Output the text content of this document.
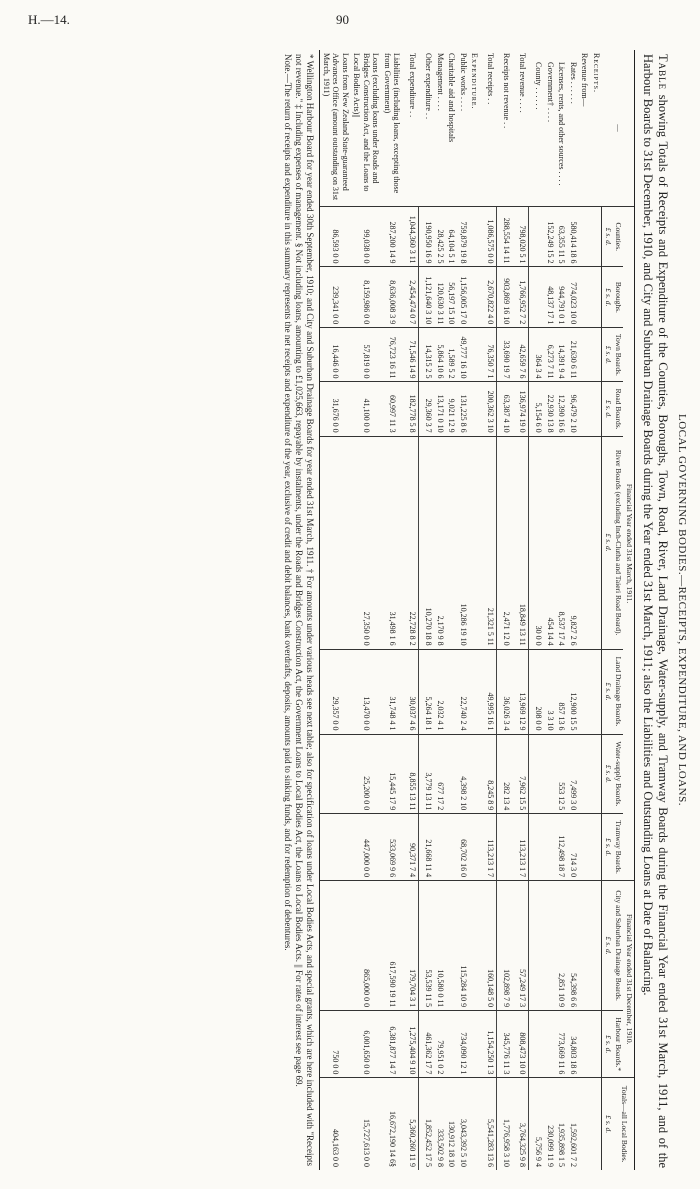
H.—14.	90
LOCAL GOVERNING BODIES.—RECEIPTS, EXPENDITURE, AND LOANS.
Table showing Totals of Receipts and Expenditure of the Counties, Boroughs, Town, Road, River, Land Drainage, Water-supply, and Tramway Boards during the Financial Year ended 31st March, 1911, and of the Harbour Boards to 31st December, 1910, and City and Suburban Drainage Boards during the Year ended 31st March, 1911; also the Liabilities and Outstanding Loans at Date of Balancing.
—	Financial Year ended 31st March, 1911.								Financial Year ended 31st December, 1910.		Totals—all Local Bodies.
	Counties.	Boroughs.	Town Boards.	Road Boards.	River Boards (excluding Inch-Clutha and Taieri Road Board).	Land Drainage Boards.	Water-supply Boards.	Tramway Boards.	City and Suburban Drainage Boards.	Harbour Boards.*	
	£ s. d.	£ s. d.	£ s. d.	£ s. d.	£ s. d.	£ s. d.	£ s. d.	£ s. d.	£ s. d.	£ s. d.	£ s. d.
Receipts.											
Revenue from—											
Rates . . . . . .	580,414 18 6	774,023 10 0	21,630 6 11	96,479 2 10	9,827 2 6	12,900 15 5	7,499 3 0	714 3 0	54,398 6 6	34,803 18 6	1,592,601 7 2
Licenses, rents, and other sources . . . .	63,355 11 5	944,791 0 1	14,391 9 4	12,390 16 6	8,537 17 4	857 13 6	553 12 5	112,498 18 7	2,851 10 9	773,669 11 6	1,935,898 1 5
Government† . . . .	152,249 15 2	48,137 17 1	6,273 7 11	22,930 13 8	454 14 4	3 3 10					230,099 11 9
County . . . . . .			364 3 4	5,154 6 0	30 0 0	208 0 0					5,756 9 4

Total revenue . . . .	798,020 5 1	1,766,952 7 2	42,659 7 6	136,974 19 0	18,849 13 11	13,969 12 9	7,962 15 5	113,213 1 7	57,249 17 3	808,473 10 0	3,764,325 9 8

Receipts not revenue . .	288,554 14 11	903,869 16 10	33,690 19 7	63,387 4 10	2,471 12 0	36,026 3 4	282 13 4		102,898 7 9	345,776 11 3	1,776,958 3 10

Total receipts . .	1,086,575 0 0	2,670,822 4 0	76,350 7 1	200,362 3 10	21,321 5 11	49,995 16 1	8,245 8 9	113,213 1 7	160,148 5 0	1,154,250 1 3	5,541,283 13 6

Expenditure.											
Public works . . . .	759,879 19 8	1,156,005 17 0	49,777 16 10	131,225 8 6	10,286 19 10	22,740 2 4	4,398 2 10	68,702 16 0	115,284 10 9	734,090 12 1	3,043,392 5 10
Charitable aid and hospitals	64,104 5 1	56,197 15 10	1,589 5 2	9,021 12 9							130,912 18 10
Management . . . .	28,425 2 5	120,630 3 11	5,864 10 6	13,171 0 10	2,170 9 8	2,032 4 1	677 17 2		10,580 0 11	79,951 0 2	333,502 9 8
Other expenditure . .	190,950 16 9	1,121,640 3 10	14,315 2 5	29,360 3 7	10,270 18 8	5,264 18 1	3,779 13 11	21,668 11 4	53,539 11 5	461,362 17 7	1,852,452 17 5

Total expenditure . .	1,044,360 3 11	2,454,474 0 7	71,546 14 9	182,778 5 8	22,728 8 2	30,037 4 6	8,855 13 11	90,371 7 4	179,704 3 1	1,275,404 9 10	5,360,260 11 9

Liabilities (including loans, excepting those from Government)	287,200 14 9	8,636,008 3 9	76,723 16 11	60,997 11 3	31,498 1 6	31,748 4 1	15,445 17 9	533,069 9 6	617,590 19 11	6,381,877 14 7	16,672,190 14 6§
Loans (excluding loans under Roads and Bridges Construction Act, and the Loans to Local Bodies Acts)||	99,038 0 0	8,159,986 0 0	57,819 0 0	41,100 0 0	27,350 0 0	13,470 0 0	25,200 0 0	447,000 0 0	865,000 0 0	6,001,650 0 0	15,727,613 0 0
Loans from New Zealand State-guaranteed Advances Office (amount outstanding on 31st March, 1911)	86,593 0 0	239,341 0 0	16,446 0 0	31,676 0 0		29,357 0 0				750 0 0	404,163 0 0

* Wellington Harbour Board for year ended 30th September, 1910; and City and Suburban Drainage Boards for year ended 31st March, 1911. † For amounts under various heads see next table; also for specification of loans under Local Bodies Acts, and special grants, which are here included with "Receipts not revenue." ‡ Including expenses of management. § Not including loans, amounting to £1,025,663, repayable by instalments, under the Roads and Bridges Construction Act, the Government Loans to Local Bodies Act, the Loans to Local Bodies Acts. || For rates of interest see page 69.

Note.—The return of receipts and expenditure in this summary represents the net receipts and expenditure of the year, exclusive of credit and debit balances, bank overdrafts, deposits, amounts paid to sinking funds, and for redemption of debentures.
